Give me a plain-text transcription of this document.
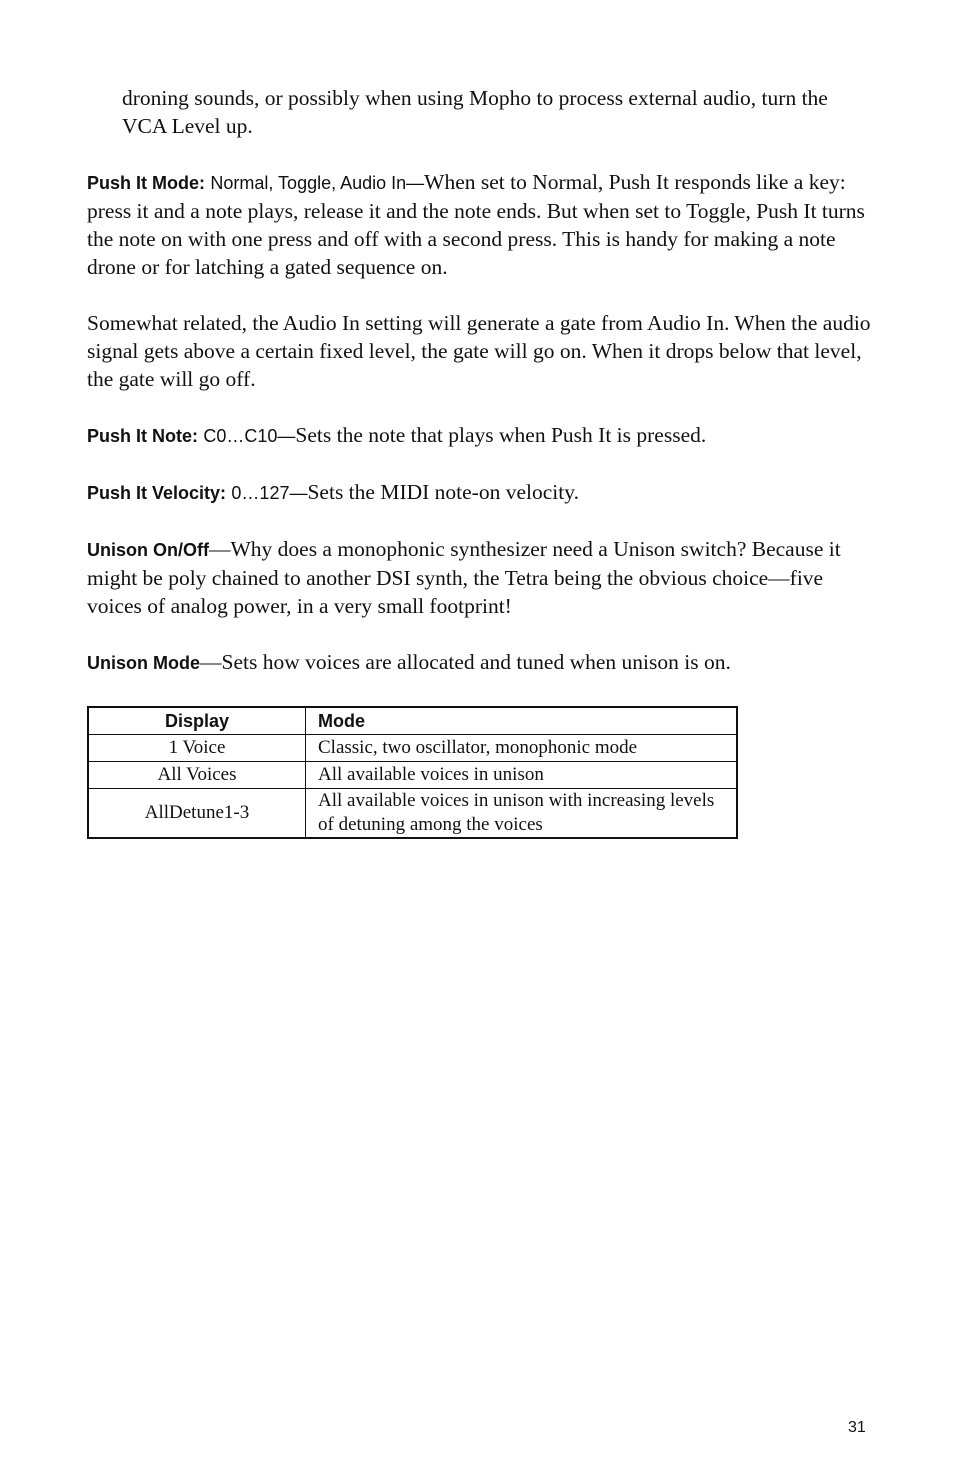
droning sounds, or possibly when using Mopho to process external audio, turn the VCA Level up.

Push It Mode: Normal, Toggle, Audio In—When set to Normal, Push It responds like a key: press it and a note plays, release it and the note ends. But when set to Toggle, Push It turns the note on with one press and off with a second press. This is handy for making a note drone or for latching a gated sequence on.

Somewhat related, the Audio In setting will generate a gate from Audio In. When the audio signal gets above a certain fixed level, the gate will go on. When it drops below that level, the gate will go off.

Push It Note: C0…C10—Sets the note that plays when Push It is pressed.

Push It Velocity: 0…127—Sets the MIDI note-on velocity.

Unison On/Off—Why does a monophonic synthesizer need a Unison switch? Because it might be poly chained to another DSI synth, the Tetra being the obvious choice—five voices of analog power, in a very small footprint!

Unison Mode—Sets how voices are allocated and tuned when unison is on.

Display	Mode
1 Voice	Classic, two oscillator, monophonic mode
All Voices	All available voices in unison
AllDetune1-3	All available voices in unison with increasing levels of detuning among the voices
31
